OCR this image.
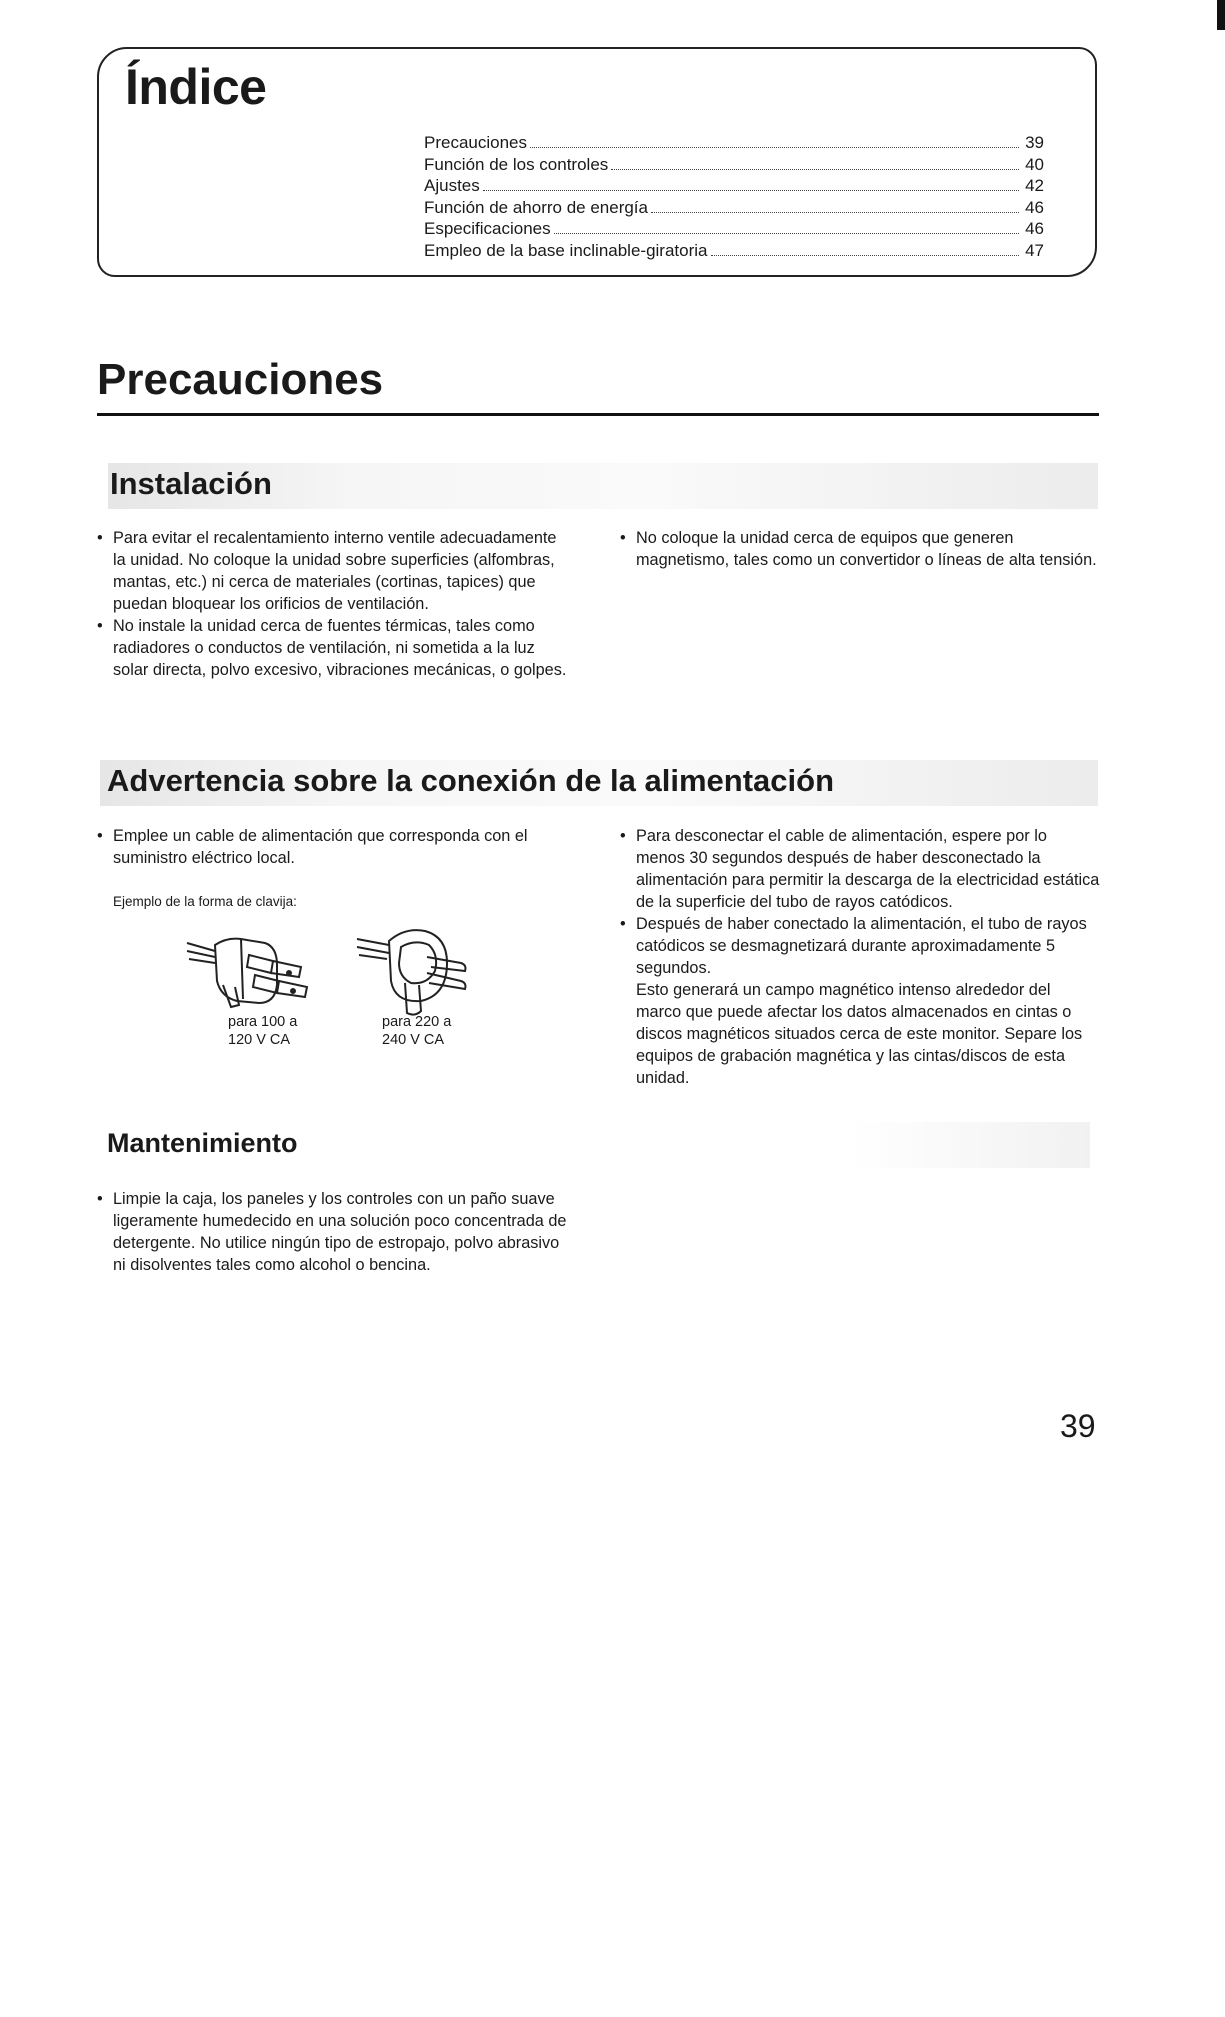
Índice
Precauciones	39
Función de los controles	40
Ajustes	42
Función de ahorro de energía	46
Especificaciones	46
Empleo de la base inclinable-giratoria	47
Precauciones
Instalación
• Para evitar el recalentamiento interno ventile adecuadamente la unidad. No coloque la unidad sobre superficies (alfombras, mantas, etc.) ni cerca de materiales (cortinas, tapices) que puedan bloquear los orificios de ventilación.
• No instale la unidad cerca de fuentes térmicas, tales como radiadores o conductos de ventilación, ni sometida a la luz solar directa, polvo excesivo, vibraciones mecánicas, o golpes.
• No coloque la unidad cerca de equipos que generen magnetismo, tales como un convertidor o líneas de alta tensión.
Advertencia sobre la conexión de la alimentación
• Emplee un cable de alimentación que corresponda con el suministro eléctrico local.
Ejemplo de la forma de clavija:
para 100 a
120 V CA
para 220 a
240 V CA
• Para desconectar el cable de alimentación, espere por lo menos 30 segundos después de haber desconectado la alimentación para permitir la descarga de la electricidad estática de la superficie del tubo de rayos catódicos.
• Después de haber conectado la alimentación, el tubo de rayos catódicos se desmagnetizará durante aproximadamente 5 segundos.

Esto generará un campo magnético intenso alrededor del marco que puede afectar los datos almacenados en cintas o discos magnéticos situados cerca de este monitor. Separe los equipos de grabación magnética y las cintas/discos de esta unidad.

Mantenimiento
• Limpie la caja, los paneles y los controles con un paño suave ligeramente humedecido en una solución poco concentrada de detergente. No utilice ningún tipo de estropajo, polvo abrasivo ni disolventes tales como alcohol o bencina.
39
